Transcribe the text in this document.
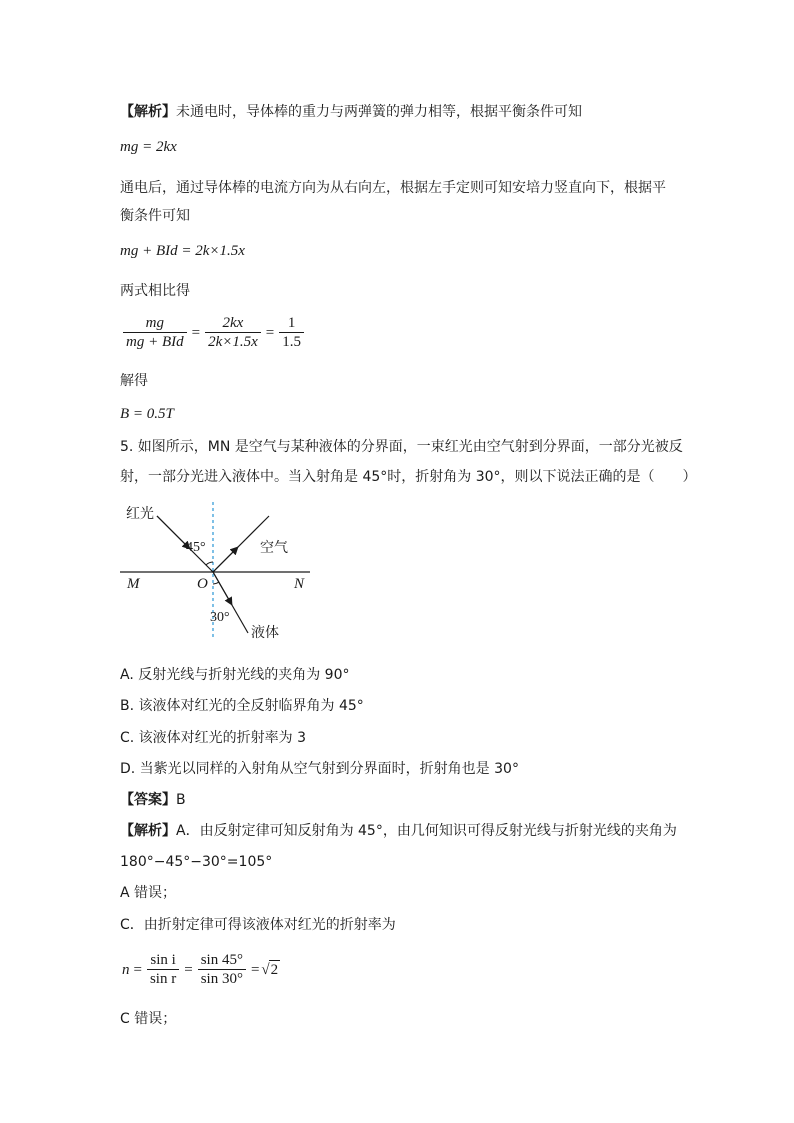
【解析】未通电时，导体棒的重力与两弹簧的弹力相等，根据平衡条件可知
mg = 2kx
通电后，通过导体棒的电流方向为从右向左，根据左手定则可知安培力竖直向下，根据平
衡条件可知
mg + BId = 2k×1.5x
两式相比得
$\frac{mg}{\text{mg + BId}} = \frac{2kx}{2k\times 1.5x} = \frac{1}{1.5}$
解得
B = 0.5T
5. 如图所示，MN 是空气与某种液体的分界面，一束红光由空气射到分界面，一部分光被反
射，一部分光进入液体中。当入射角是 45°时，折射角为 30°，则以下说法正确的是（　　）
红光
45°	空气
M	O	N
30°
液体
A. 反射光线与折射光线的夹角为 90°
B. 该液体对红光的全反射临界角为 45°
C. 该液体对红光的折射率为 3
D. 当紫光以同样的入射角从空气射到分界面时，折射角也是 30°
【答案】B
【解析】A．由反射定律可知反射角为 45°，由几何知识可得反射光线与折射光线的夹角为
180°−45°−30°=105°
A 错误；
C．由折射定律可得该液体对红光的折射率为
$n = \frac{\text{sin i}}{\text{sin r}} = \frac{\sin 45^\circ}{\sin 30^\circ} = √2$
C 错误；
